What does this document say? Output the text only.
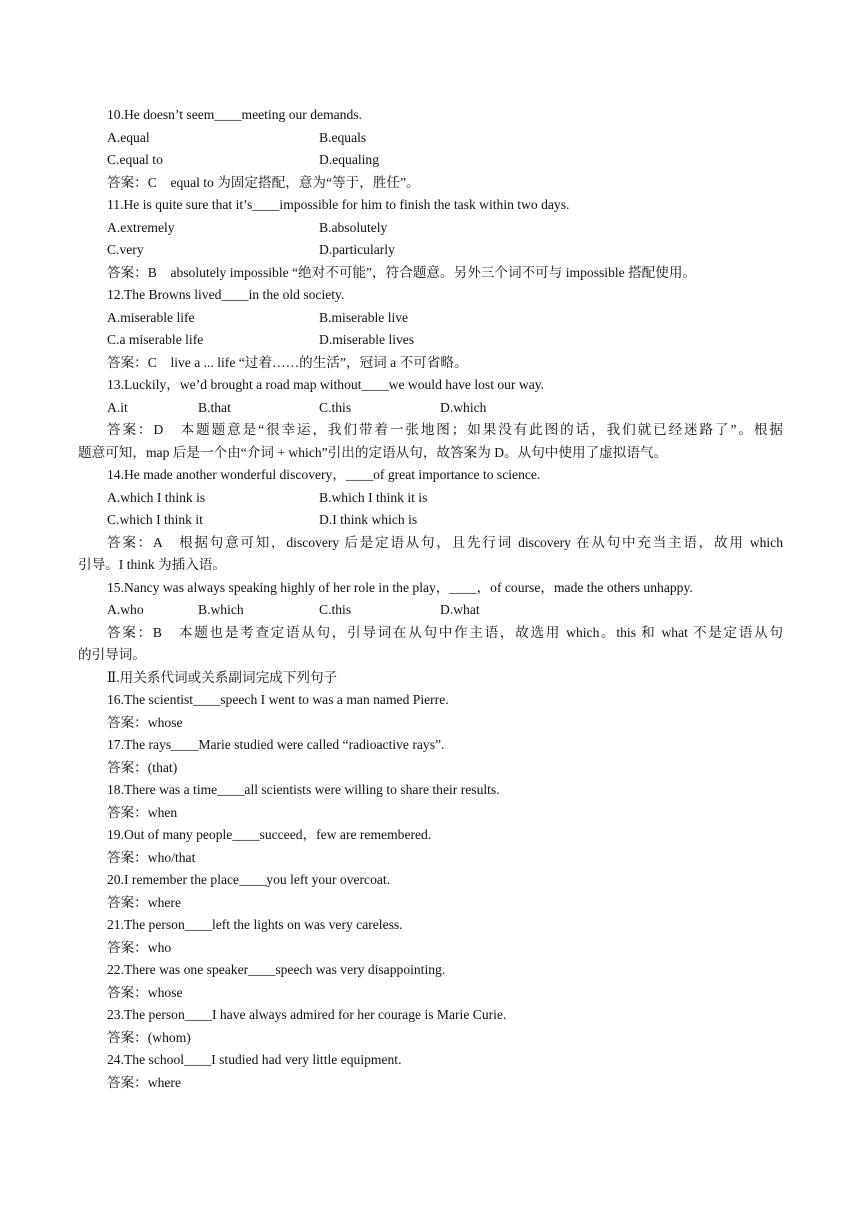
10.He doesn’t seem____meeting our demands.
A.equal	B.equals
C.equal to	D.equaling
答案：C　equal to 为固定搭配，意为“等于，胜任”。
11.He is quite sure that it’s____impossible for him to finish the task within two days.
A.extremely	B.absolutely
C.very	D.particularly
答案：B　absolutely impossible “绝对不可能”，符合题意。另外三个词不可与 impossible 搭配使用。
12.The Browns lived____in the old society.
A.miserable life	B.miserable live
C.a miserable life	D.miserable lives
答案：C　live a ... life “过着……的生活”，冠词 a 不可省略。
13.Luckily，we’d brought a road map without____we would have lost our way.
A.it	B.that	C.this	D.which
答案：D　本题题意是“很幸运，我们带着一张地图；如果没有此图的话，我们就已经迷路了”。根据
题意可知，map 后是一个由“介词 + which”引出的定语从句，故答案为 D。从句中使用了虚拟语气。
14.He made another wonderful discovery，____of great importance to science.
A.which I think is	B.which I think it is
C.which I think it	D.I think which is
答案：A　根据句意可知，discovery 后是定语从句，且先行词 discovery 在从句中充当主语，故用 which
引导。I think 为插入语。
15.Nancy was always speaking highly of her role in the play，____，of course，made the others unhappy.
A.who	B.which	C.this	D.what
答案：B　本题也是考查定语从句，引导词在从句中作主语，故选用 which。this 和 what 不是定语从句
的引导词。
Ⅱ.用关系代词或关系副词完成下列句子
16.The scientist____speech I went to was a man named Pierre.
答案：whose
17.The rays____Marie studied were called “radioactive rays”.
答案：(that)
18.There was a time____all scientists were willing to share their results.
答案：when
19.Out of many people____succeed，few are remembered.
答案：who/that
20.I remember the place____you left your overcoat.
答案：where
21.The person____left the lights on was very careless.
答案：who
22.There was one speaker____speech was very disappointing.
答案：whose
23.The person____I have always admired for her courage is Marie Curie.
答案：(whom)
24.The school____I studied had very little equipment.
答案：where
